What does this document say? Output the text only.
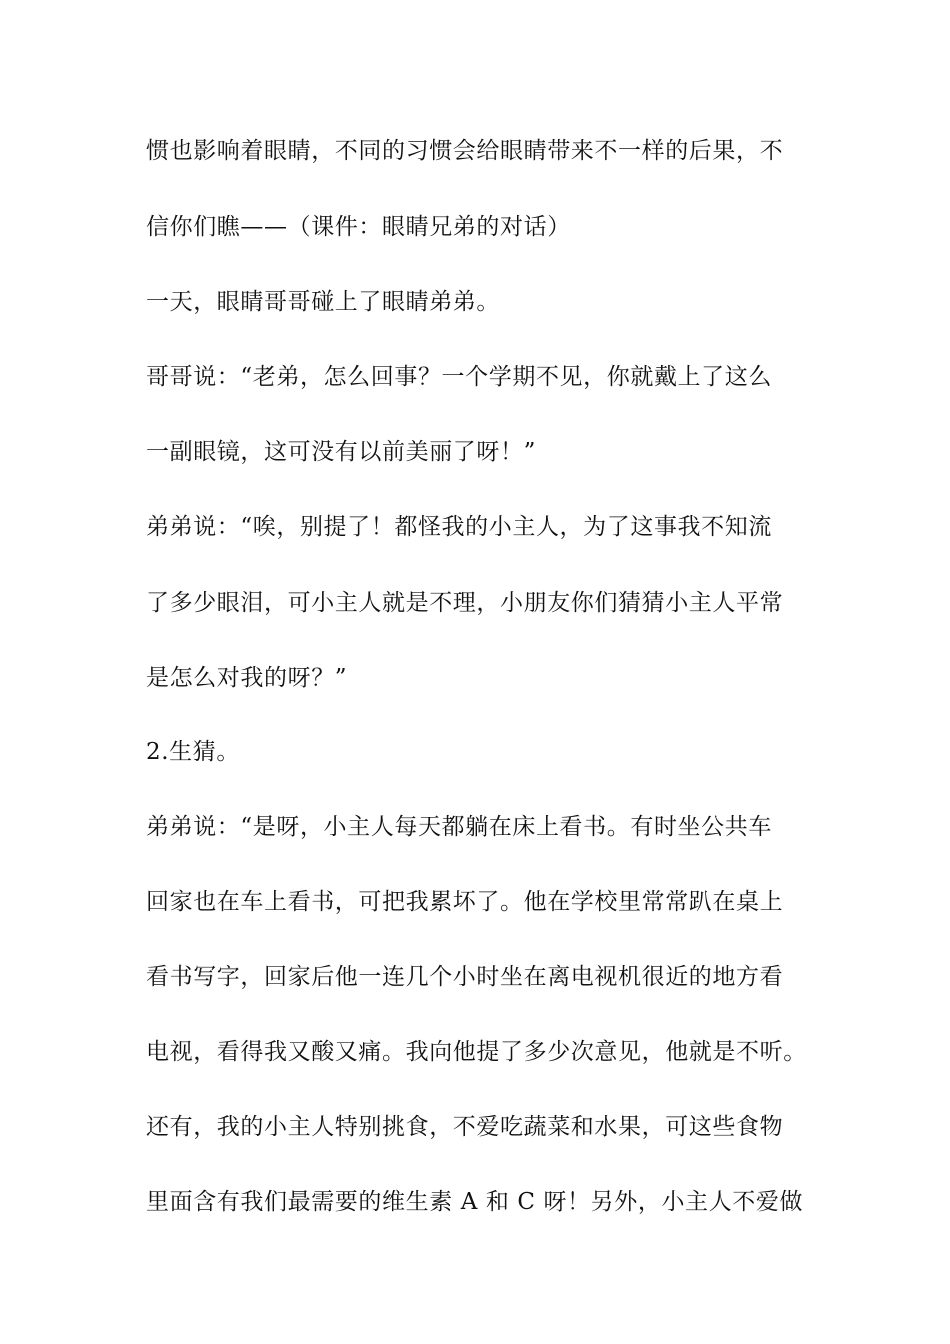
惯也影响着眼睛，不同的习惯会给眼睛带来不一样的后果，不
信你们瞧——（课件：眼睛兄弟的对话）
一天，眼睛哥哥碰上了眼睛弟弟。
哥哥说：“老弟，怎么回事？一个学期不见，你就戴上了这么
一副眼镜，这可没有以前美丽了呀！”
弟弟说：“唉，别提了！都怪我的小主人，为了这事我不知流
了多少眼泪，可小主人就是不理，小朋友你们猜猜小主人平常
是怎么对我的呀？”
2.生猜。
弟弟说：“是呀，小主人每天都躺在床上看书。有时坐公共车
回家也在车上看书，可把我累坏了。他在学校里常常趴在桌上
看书写字，回家后他一连几个小时坐在离电视机很近的地方看
电视，看得我又酸又痛。我向他提了多少次意见，他就是不听。
还有，我的小主人特别挑食，不爱吃蔬菜和水果，可这些食物
里面含有我们最需要的维生素 A 和 C 呀！另外，小主人不爱做
